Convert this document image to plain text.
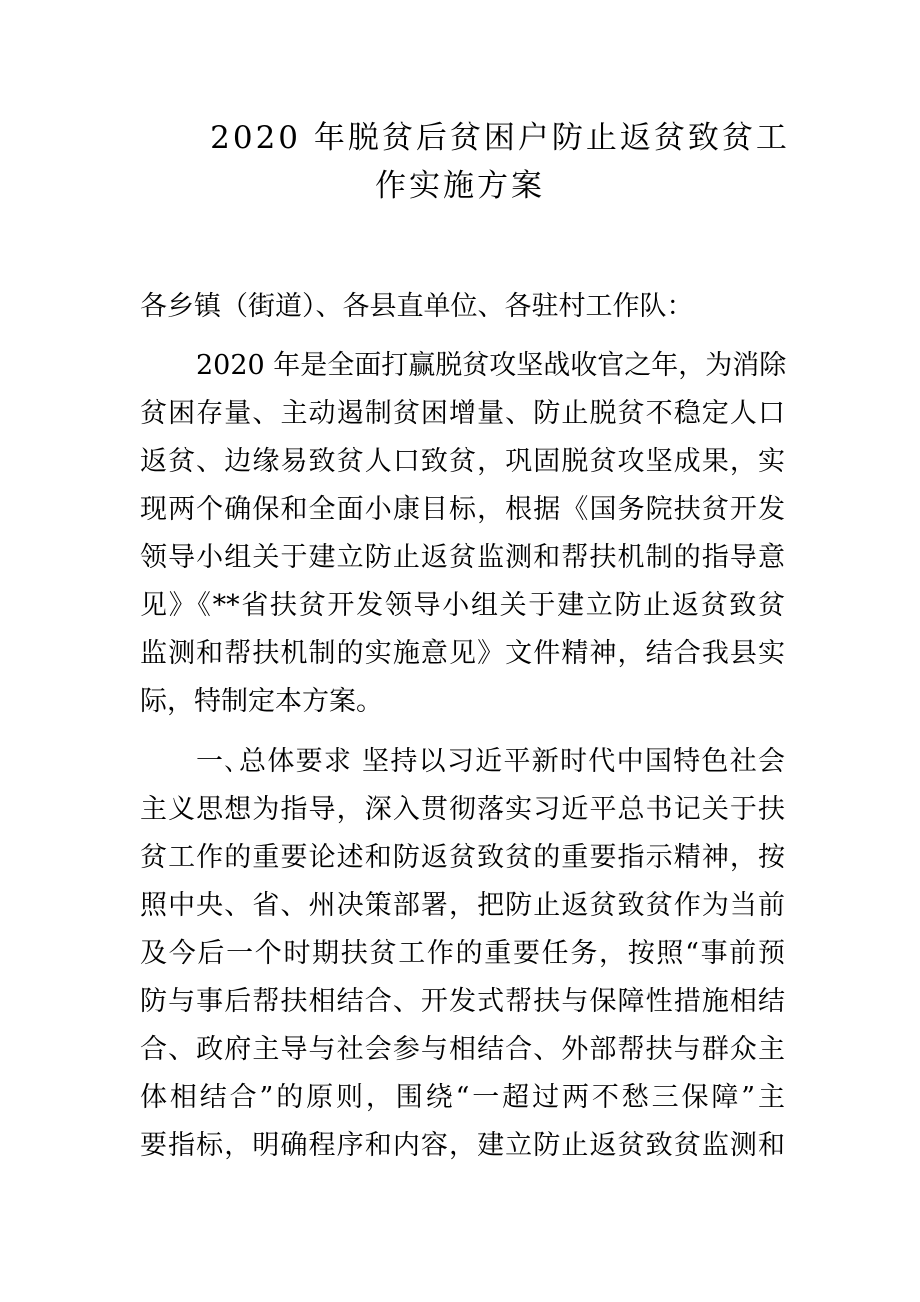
2020 年脱贫后贫困户防止返贫致贫工
作实施方案
各乡镇（街道）、各县直单位、各驻村工作队：
2020 年是全面打赢脱贫攻坚战收官之年，为消除
贫困存量、主动遏制贫困增量、防止脱贫不稳定人口
返贫、边缘易致贫人口致贫，巩固脱贫攻坚成果，实
现两个确保和全面小康目标，根据《国务院扶贫开发
领导小组关于建立防止返贫监测和帮扶机制的指导意
见》《**省扶贫开发领导小组关于建立防止返贫致贫
监测和帮扶机制的实施意见》文件精神，结合我县实
际，特制定本方案。
一､总体要求 坚持以习近平新时代中国特色社会
主义思想为指导，深入贯彻落实习近平总书记关于扶
贫工作的重要论述和防返贫致贫的重要指示精神，按
照中央、省、州决策部署，把防止返贫致贫作为当前
及今后一个时期扶贫工作的重要任务，按照“事前预
防与事后帮扶相结合、开发式帮扶与保障性措施相结
合、政府主导与社会参与相结合、外部帮扶与群众主
体相结合”的原则，围绕“一超过两不愁三保障”主
要指标，明确程序和内容，建立防止返贫致贫监测和
